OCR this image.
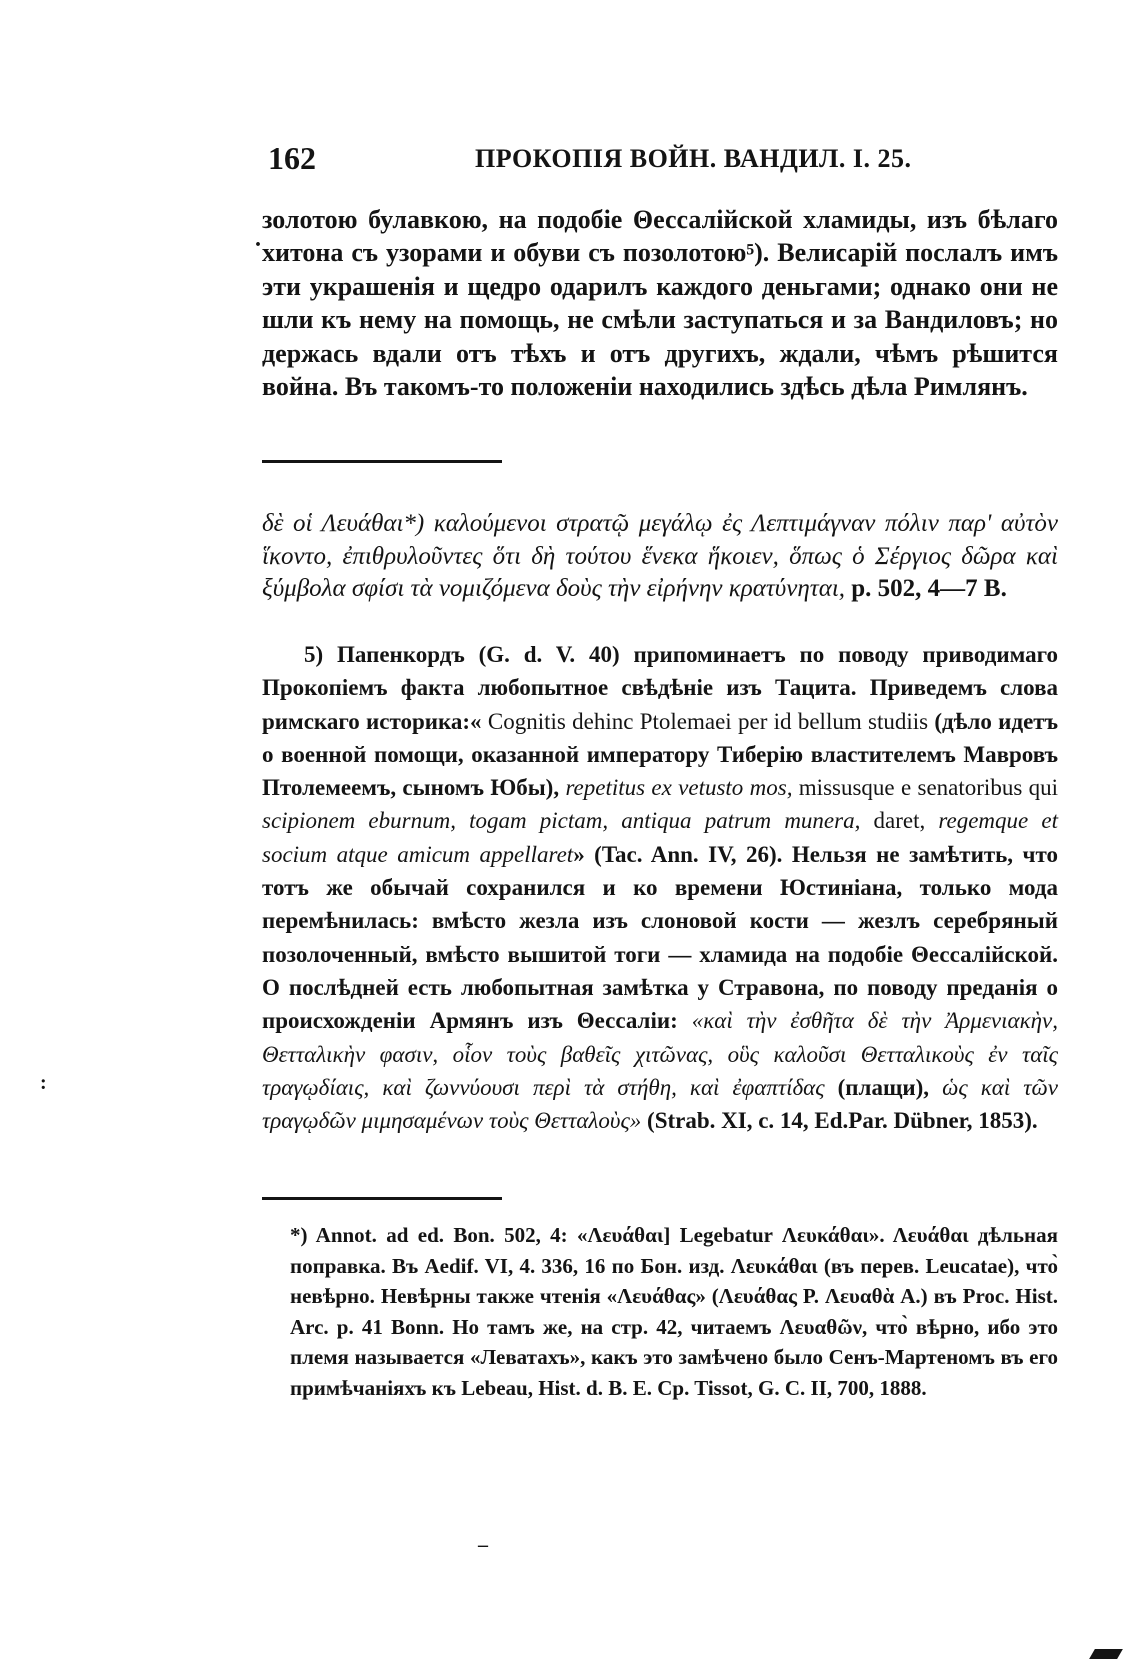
162	ПРОКОПІЯ ВОЙН. ВАНДИЛ. I. 25.
·
золотою булавкою, на подобіе Θессалійской хламиды, изъ бѣлаго хитона съ узорами и обуви съ позолотою⁵). Велисарій послалъ имъ эти украшенія и щедро одарилъ каждого деньгами; однако они не шли къ нему на помощь, не смѣли заступаться и за Вандиловъ; но держась вдали отъ тѣхъ и отъ другихъ, ждали, чѣмъ рѣшится война. Въ такомъ-то положеніи находились здѣсь дѣла Римлянъ.
δὲ οἱ Λευάθαι*) καλούμενοι στρατῷ μεγάλῳ ἐς Λεπτιμάγναν πόλιν παρ' αὐτὸν ἵκοντο, ἐπιθρυλοῦντες ὅτι δὴ τούτου ἕνεκα ἥκοιεν, ὅπως ὁ Σέργιος δῶρα καὶ ξύμβολα σφίσι τὰ νομιζόμενα δοὺς τὴν εἰρήνην κρατύνηται, p. 502, 4—7 B.
5) Папенкордъ (G. d. V. 40) припоминаетъ по поводу приводимаго Прокопіемъ факта любопытное свѣдѣніе изъ Тацита. Приведемъ слова римскаго историка:« Cognitis dehinc Ptolemaei per id bellum studiis (дѣло идетъ о военной помощи, оказанной императору Тиберію властителемъ Мавровъ Птолемеемъ, сыномъ Юбы), repetitus ex vetusto mos, missusque e senatoribus qui scipionem eburnum, togam pictam, antiqua patrum munera, daret, regemque et socium atque amicum appellaret» (Tac. Ann. IV, 26). Нельзя не замѣтить, что тотъ же обычай сохранился и ко времени Юстиніана, только мода перемѣнилась: вмѣсто жезла изъ слоновой кости — жезлъ серебряный позолоченный, вмѣсто вышитой тоги — хламида на подобіе Θессалійской. О послѣдней есть любопытная замѣтка у Стравона, по поводу преданія о происхожденіи Армянъ изъ Θессаліи: «καὶ τὴν ἐσθῆτα δὲ τὴν Ἀρμενιακὴν, Θετταλικὴν φασιν, οἷον τοὺς βαθεῖς χιτῶνας, οὓς καλοῦσι Θετταλικοὺς ἐν ταῖς τραγῳδίαις, καὶ ζωννύουσι περὶ τὰ στήθη, καὶ ἐφαπτίδας (плащи), ὡς καὶ τῶν τραγῳδῶν μιμησαμένων τοὺς Θετταλοὺς» (Strab. XI, c. 14, Ed.Par. Dübner, 1853).
:
*) Annot. ad ed. Bon. 502, 4: «Λευάθαι] Legebatur Λευκάθαι». Λευάθαι дѣльная поправка. Въ Aedif. VI, 4. 336, 16 по Бон. изд. Λευκάθαι (въ перев. Leucatae), что̀ невѣрно. Невѣрны также чтенія «Λευάθας» (Λευάθας P. Λευαθὰ A.) въ Proc. Hist. Arc. p. 41 Bonn. Но тамъ же, на стр. 42, читаемъ Λευαθῶν, что̀ вѣрно, ибо это племя называется «Леватахъ», какъ это замѣчено было Сенъ-Мартеномъ въ его примѣчаніяхъ къ Lebeau, Hist. d. B. E. Cp. Tissot, G. C. II, 700, 1888.
–
